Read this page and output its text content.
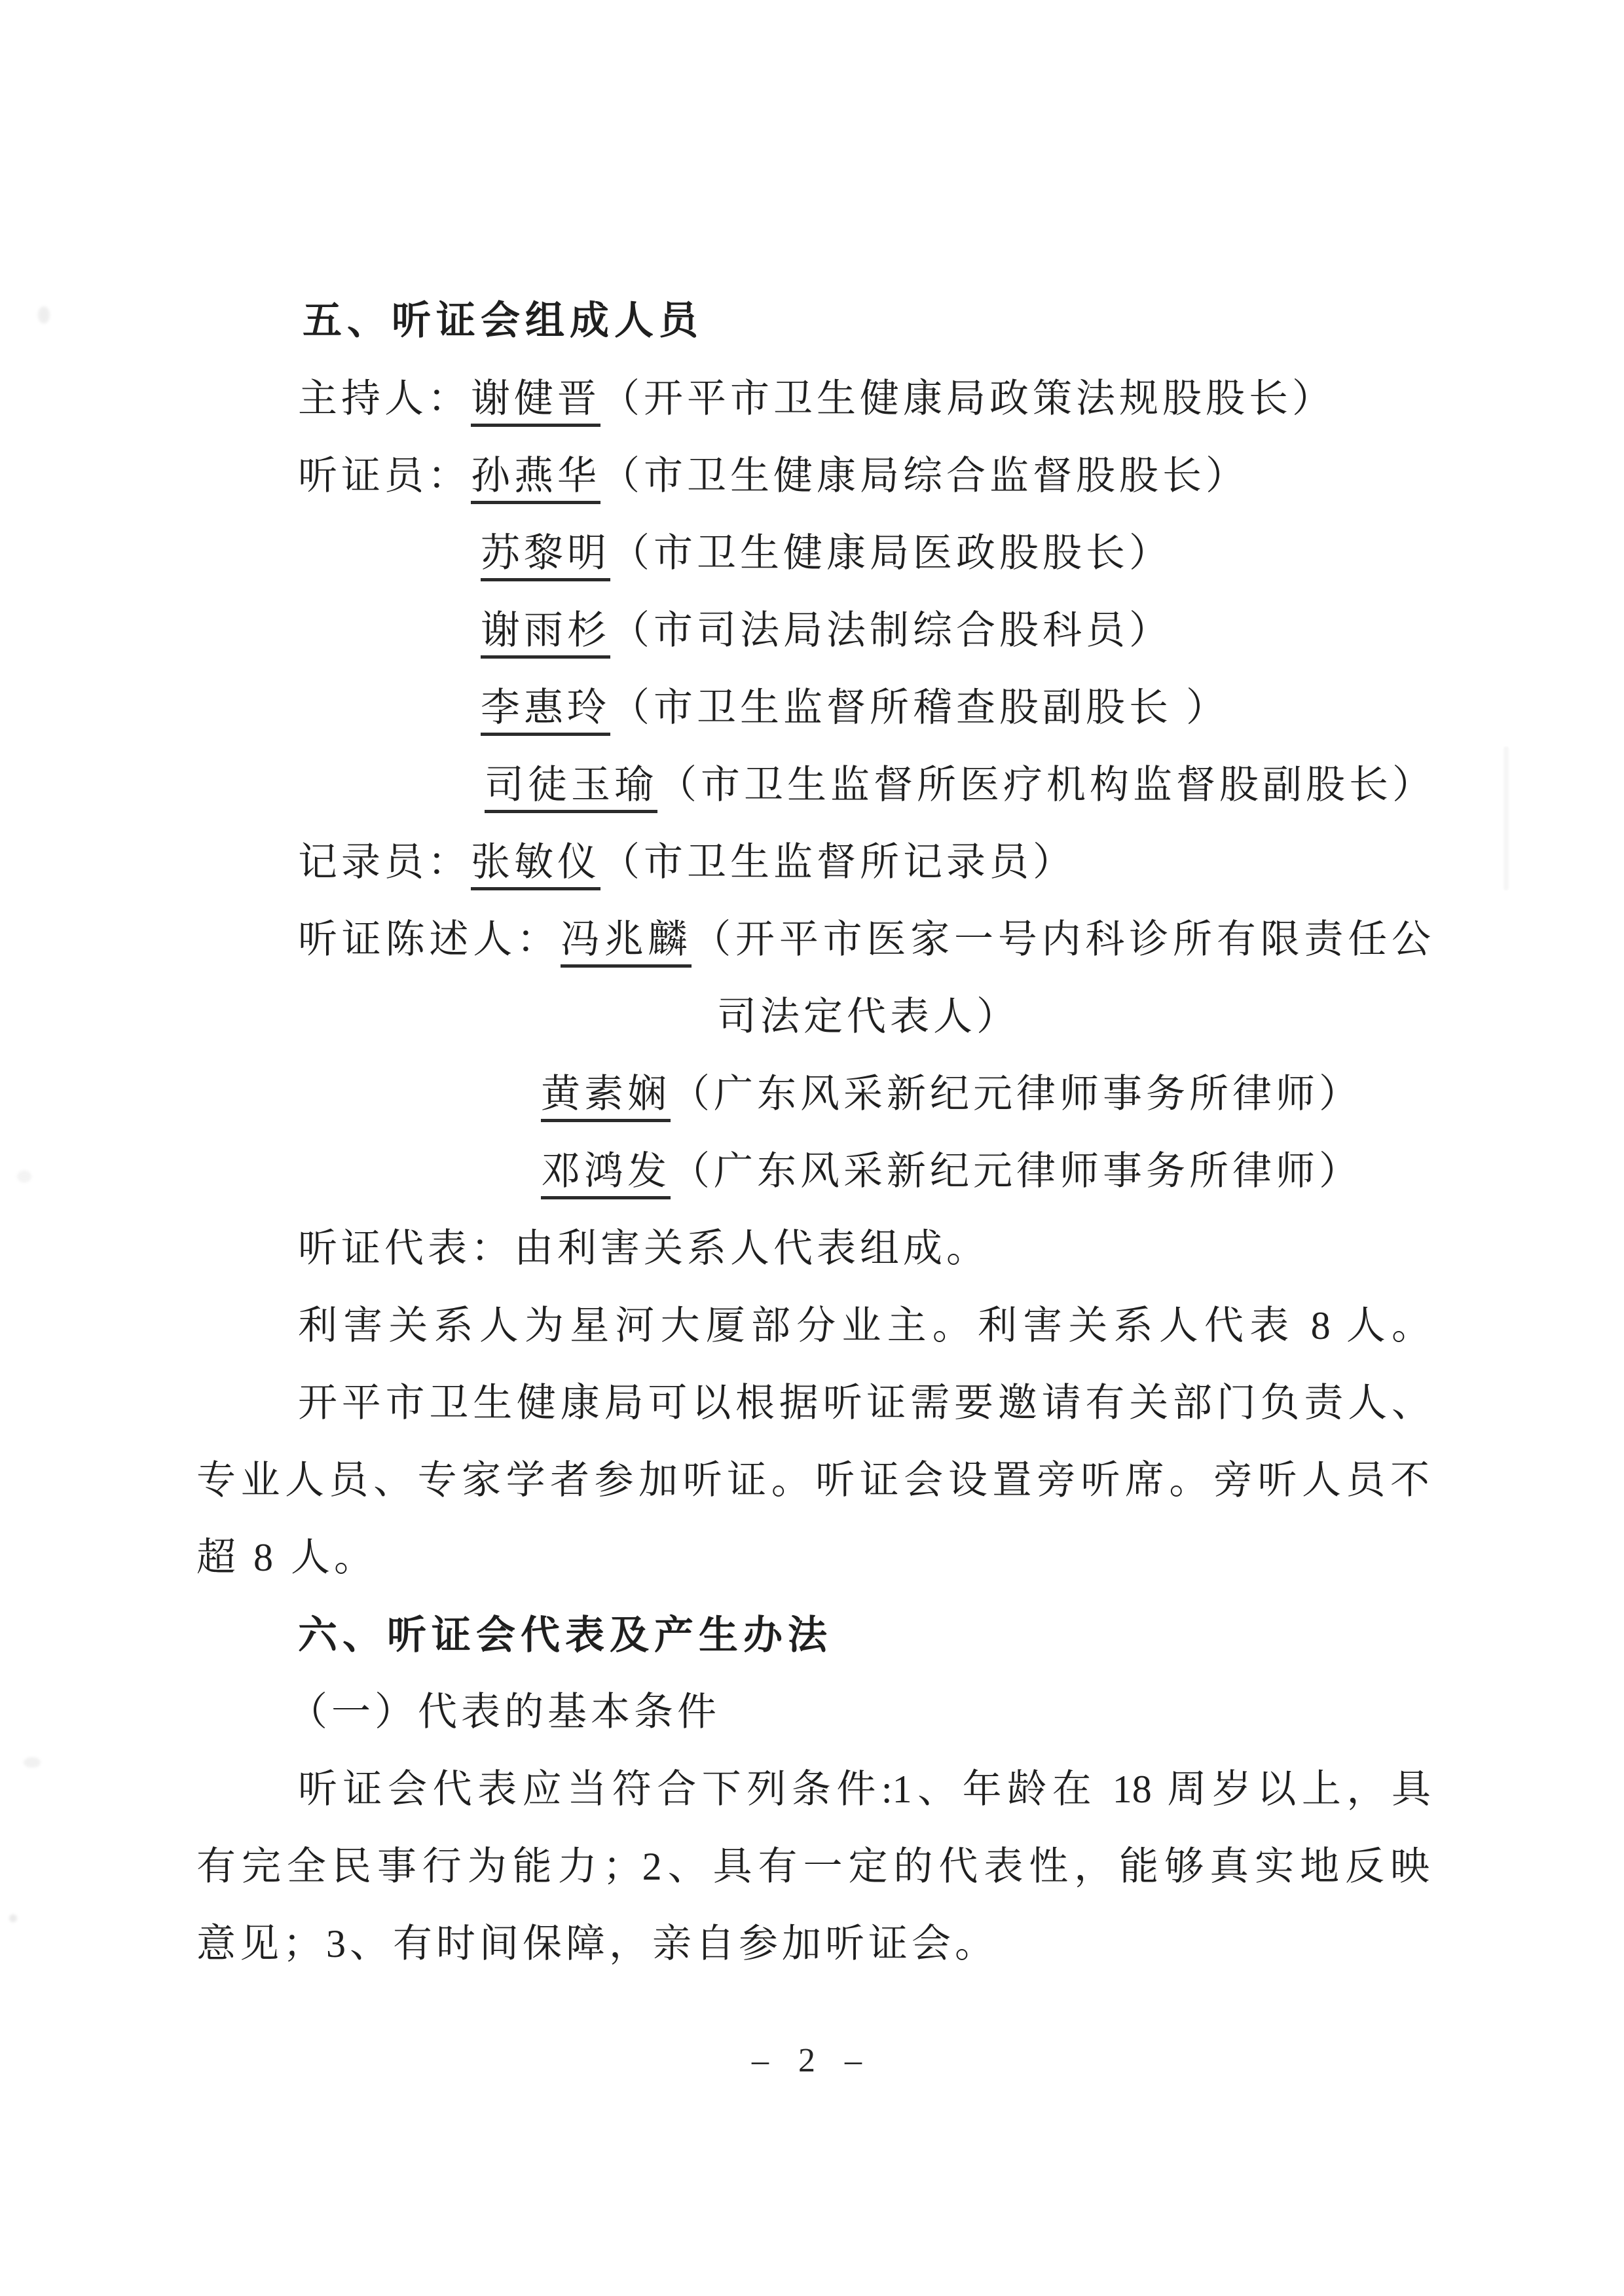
五、听证会组成人员
主持人：谢健晋（开平市卫生健康局政策法规股股长）
听证员：孙燕华（市卫生健康局综合监督股股长）
苏黎明（市卫生健康局医政股股长）
谢雨杉（市司法局法制综合股科员）
李惠玲（市卫生监督所稽查股副股长 ）
司徒玉瑜（市卫生监督所医疗机构监督股副股长）
记录员：张敏仪（市卫生监督所记录员）
听证陈述人：冯兆麟（开平市医家一号内科诊所有限责任公
司法定代表人）
黄素娴（广东风采新纪元律师事务所律师）
邓鸿发（广东风采新纪元律师事务所律师）
听证代表：由利害关系人代表组成。
利害关系人为星河大厦部分业主。利害关系人代表 8 人。
开平市卫生健康局可以根据听证需要邀请有关部门负责人、
专业人员、专家学者参加听证。听证会设置旁听席。旁听人员不
超 8 人。
六、听证会代表及产生办法
（一）代表的基本条件
听证会代表应当符合下列条件:1、年龄在 18 周岁以上，具
有完全民事行为能力；2、具有一定的代表性，能够真实地反映
意见；3、有时间保障，亲自参加听证会。
– 2 –
